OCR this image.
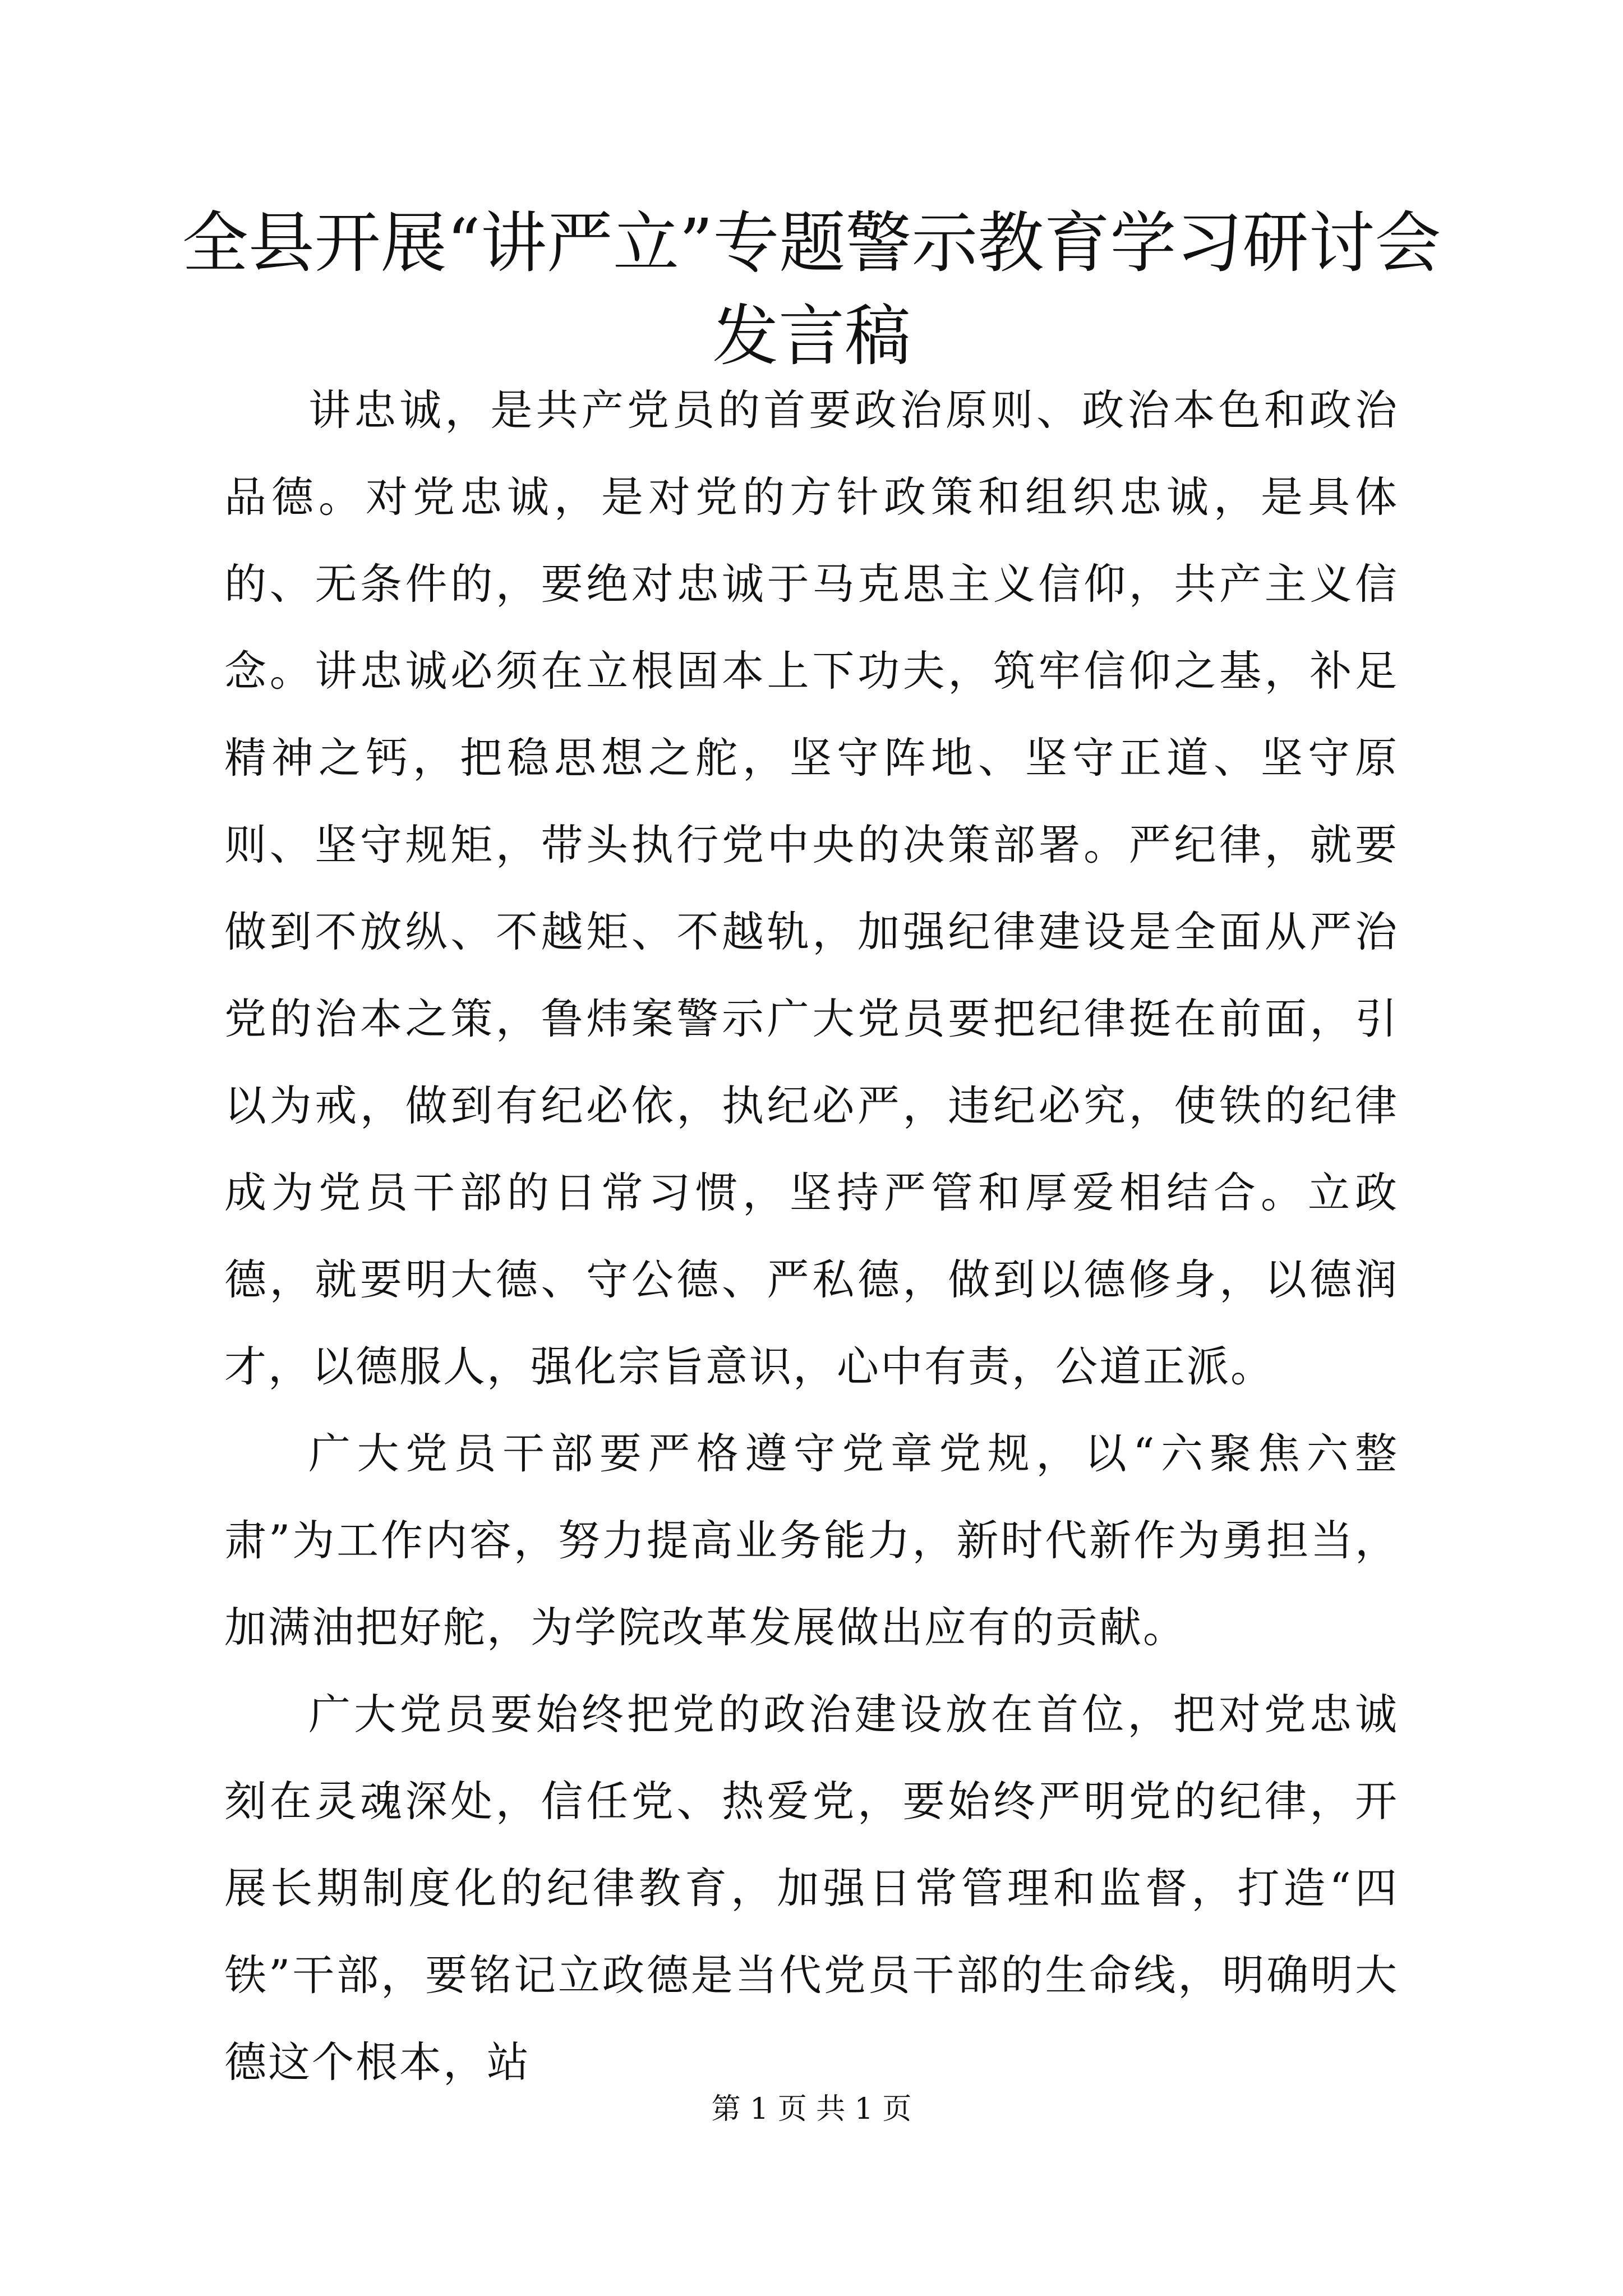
全县开展“讲严立”专题警示教育学习研讨会发言稿

讲忠诚，是共产党员的首要政治原则、政治本色和政治品德。对党忠诚，是对党的方针政策和组织忠诚，是具体的、无条件的，要绝对忠诚于马克思主义信仰，共产主义信念。讲忠诚必须在立根固本上下功夫，筑牢信仰之基，补足精神之钙，把稳思想之舵，坚守阵地、坚守正道、坚守原则、坚守规矩，带头执行党中央的决策部署。严纪律，就要做到不放纵、不越矩、不越轨，加强纪律建设是全面从严治党的治本之策，鲁炜案警示广大党员要把纪律挺在前面，引以为戒，做到有纪必依，执纪必严，违纪必究，使铁的纪律成为党员干部的日常习惯，坚持严管和厚爱相结合。立政德，就要明大德、守公德、严私德，做到以德修身，以德润才，以德服人，强化宗旨意识，心中有责，公道正派。

广大党员干部要严格遵守党章党规，以“六聚焦六整肃”为工作内容，努力提高业务能力，新时代新作为勇担当，加满油把好舵，为学院改革发展做出应有的贡献。

广大党员要始终把党的政治建设放在首位，把对党忠诚刻在灵魂深处，信任党、热爱党，要始终严明党的纪律，开展长期制度化的纪律教育，加强日常管理和监督，打造“四铁”干部，要铭记立政德是当代党员干部的生命线，明确明大德这个根本，站

第 1 页 共 1 页
